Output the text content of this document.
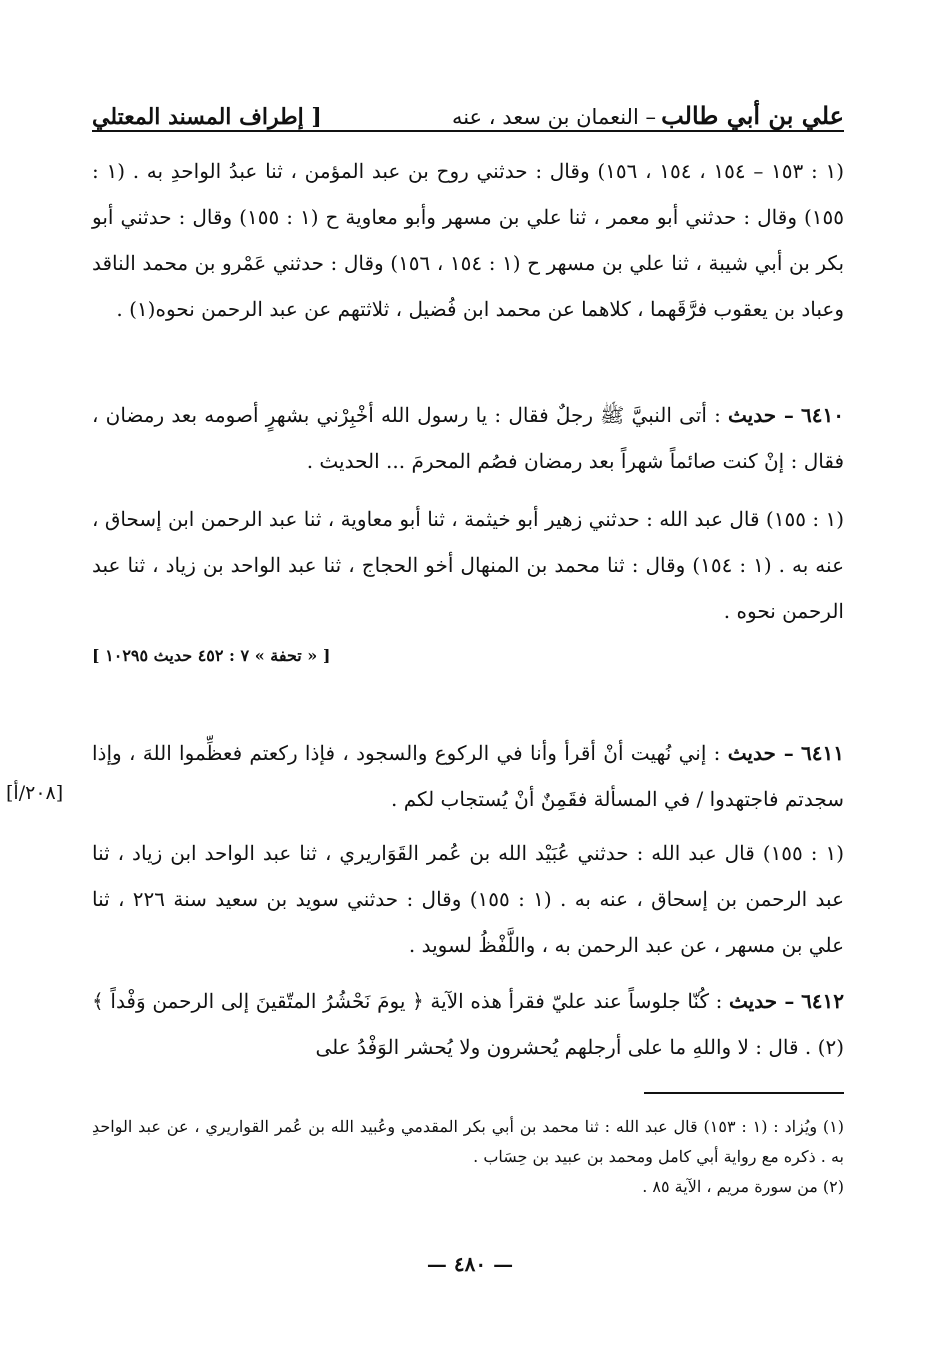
علي بن أبي طالب – النعمان بن سعد ، عنه
[ إطراف المسند المعتلي

(١ : ١٥٣ – ١٥٤ ، ١٥٤ ، ١٥٦) وقال : حدثني روح بن عبد المؤمن ، ثنا عبدُ الواحدِ به . (١ : ١٥٥) وقال : حدثني أبو معمر ، ثنا علي بن مسهر وأبو معاوية ح (١ : ١٥٥) وقال : حدثني أبو بكر بن أبي شيبة ، ثنا علي بن مسهر ح (١ : ١٥٤ ، ١٥٦) وقال : حدثني عَمْرو بن محمد الناقد وعباد بن يعقوب فرَّقَهما ، كلاهما عن محمد ابن فُضيل ، ثلاثتهم عن عبد الرحمن نحوه(١) .

٦٤١٠ – حديث : أتى النبيَّ ﷺ رجلٌ فقال : يا رسول الله أخْبِرْني بشهرٍ أصومه بعد رمضان ، فقال : إنْ كنت صائماً شهراً بعد رمضان فصُم المحرمَ ... الحديث .

(١ : ١٥٥) قال عبد الله : حدثني زهير أبو خيثمة ، ثنا أبو معاوية ، ثنا عبد الرحمن ابن إسحاق ، عنه به . (١ : ١٥٤) وقال : ثنا محمد بن المنهال أخو الحجاج ، ثنا عبد الواحد بن زياد ، ثنا عبد الرحمن نحوه .

[ « تحفة » ٧ : ٤٥٢ حديث ١٠٢٩٥ ]

٦٤١١ – حديث : إني نُهيت أنْ أقرأ وأنا في الركوع والسجود ، فإذا ركعتم فعظِّموا اللهَ ، وإذا سجدتم فاجتهدوا / في المسألة فقَمِنٌ أنْ يُستجاب لكم .

[٢٠٨/أ]

(١ : ١٥٥) قال عبد الله : حدثني عُبَيْد الله بن عُمر القَوَاريري ، ثنا عبد الواحد ابن زياد ، ثنا عبد الرحمن بن إسحاق ، عنه به . (١ : ١٥٥) وقال : حدثني سويد بن سعيد سنة ٢٢٦ ، ثنا علي بن مسهر ، عن عبد الرحمن به ، واللَّفْظُ لسويد .

٦٤١٢ – حديث : كُنّا جلوساً عند عليّ فقرأ هذه الآية ﴿ يومَ نَحْشُرُ المتّقينَ إلى الرحمن وَفْداً ﴾(٢) . قال : لا واللهِ ما على أرجلهم يُحشرون ولا يُحشر الوَفْدُ على

(١) ويُزاد : (١ : ١٥٣) قال عبد الله : ثنا محمد بن أبي بكر المقدمي وعُبيد الله بن عُمر القواريري ، عن عبد الواحدِ به . ذكره مع رواية أبي كامل ومحمد بن عبيد بن حِسَاب .
(٢) من سورة مريم ، الآية ٨٥ .
— ٤٨٠ —
